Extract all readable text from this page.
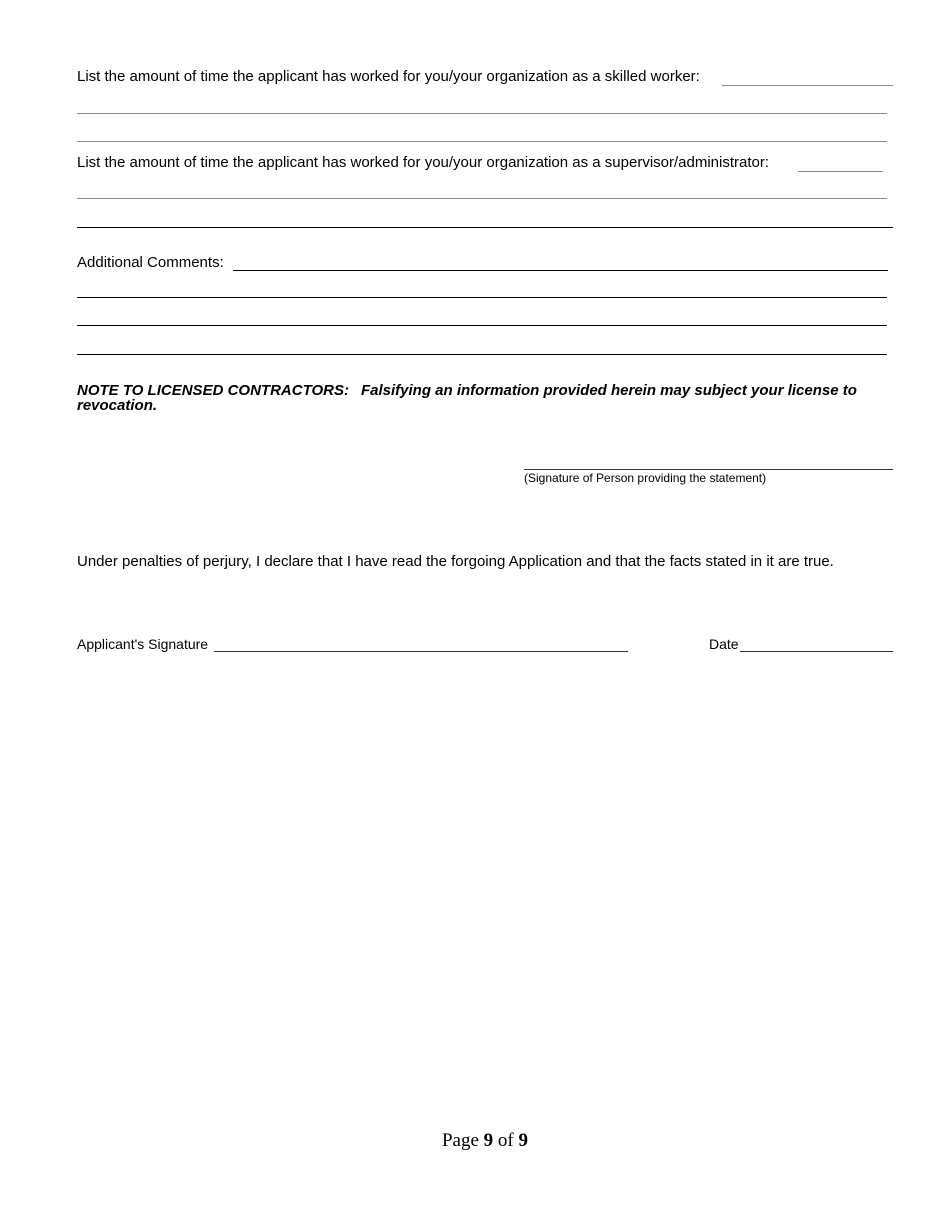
List the amount of time the applicant has worked for you/your organization as a skilled worker:
List the amount of time the applicant has worked for you/your organization as a supervisor/administrator:
Additional Comments:
NOTE TO LICENSED CONTRACTORS: Falsifying an information provided herein may subject your license to revocation.
(Signature of Person providing the statement)
Under penalties of perjury, I declare that I have read the forgoing Application and that the facts stated in it are true.
Applicant's Signature	Date
Page 9 of 9
